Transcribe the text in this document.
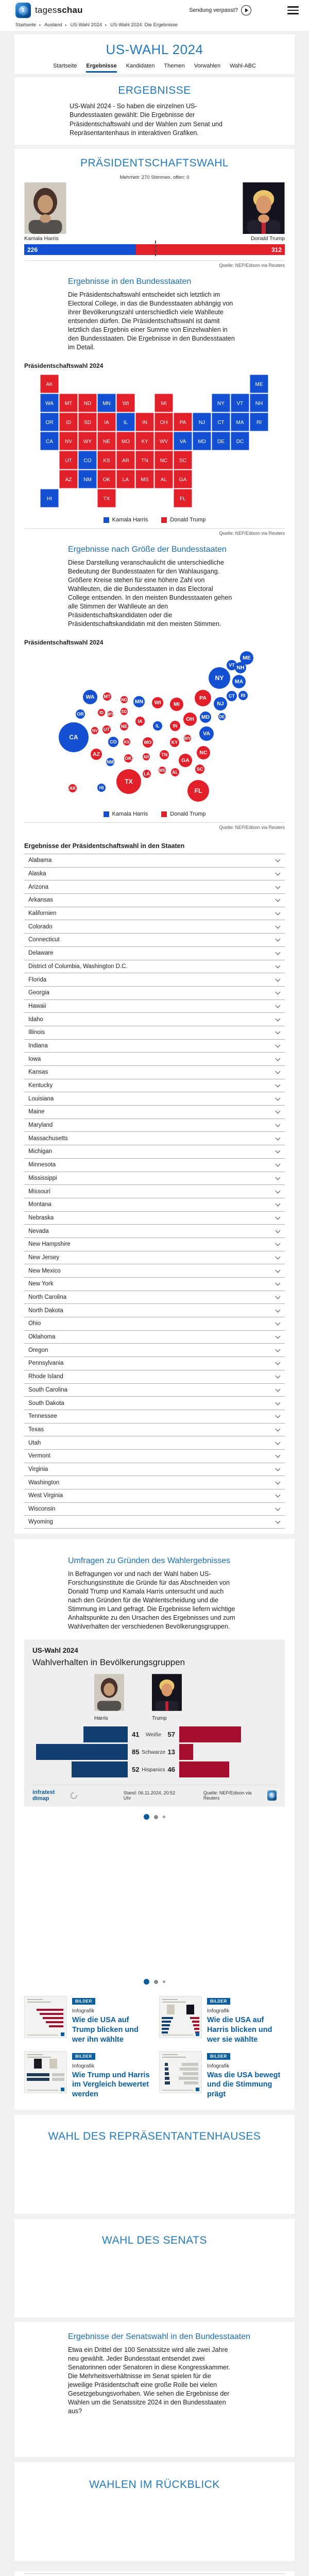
1	tagesschau	Sendung verpasst?
Startseite ▸ Ausland ▸ US-Wahl 2024 ▸ US-Wahl 2024: Die Ergebnisse
US-WAHL 2024
Startseite Ergebnisse Kandidaten Themen Vorwahlen Wahl-ABC
ERGEBNISSE

US-Wahl 2024 - So haben die einzelnen US-Bundesstaaten gewählt: Die Ergebnisse der Präsidentschaftswahl und der Wahlen zum Senat und Repräsentantenhaus in interaktiven Grafiken.

PRÄSIDENTSCHAFTSWAHL
Mehrheit: 270 Stimmen, offen: 0
Kamala Harris	Donald Trump
226	312
Quelle: NEP/Edison via Reuters
Ergebnisse in den Bundesstaaten

Die Präsidentschaftswahl entscheidet sich letztlich im Electoral College, in das die Bundesstaaten abhängig von ihrer Bevölkerungszahl unterschiedlich viele Wahlleute entsenden dürfen. Die Präsidentschaftswahl ist damit letztlich das Ergebnis einer Summe von Einzelwahlen in den Bundesstaaten. Die Ergebnisse in den Bundesstaaten im Detail.

Präsidentschaftswahl 2024
AK	ME
WA MT ND MN WI	MI	NY VT NH
OR ID	SD	IA	IL	IN OH PA NJ CT MA RI
CA NV WY NE MO KY WV VA MD DE DC
UT CO KS AR TN NC SC
AZ NM OK LA MS AL GA
HI	TX	FL
Kamala Harris	Donald Trump
Quelle: NEP/Edison via Reuters
Ergebnisse nach Größe der Bundesstaaten

Diese Darstellung veranschaulicht die unterschiedliche Bedeutung der Bundesstaaten für den Wahlausgang. Größere Kreise stehen für eine höhere Zahl von Wahlleuten, die die Bundesstaaten in das Electoral College entsenden. In den meisten Bundesstaaten gehen alle Stimmen der Wahlleute an den Präsidentschaftskandidaten oder die Präsidentschaftskandidatin mit den meisten Stimmen.

Präsidentschaftswahl 2024
ME
VT NH
NY	MA
WA	MT
ND MN	WI	MI
PA
NJ
CT	RI
OR	ID WY
SD
IA
IL	IN
OH	MD	DE
NV UT
NE
CA
CO	KS	MO	KY
WV
VA
AZ
NM
OK	AR	TN	NC
GA
SC
MS AL
LA
TX
FL
AK	HI
Kamala Harris	Donald Trump
Quelle: NEP/Edison via Reuters
Ergebnisse der Präsidentschaftswahl in den Staaten
Alabama
Alaska
Arizona
Arkansas
Kalifornien
Colorado
Connecticut
Delaware
District of Columbia, Washington D.C.
Florida
Georgia
Hawaii
Idaho
Illinois
Indiana
Iowa
Kansas
Kentucky
Louisiana
Maine
Maryland
Massachusetts
Michigan
Minnesota
Mississippi
Missouri
Montana
Nebraska
Nevada
New Hampshire
New Jersey
New Mexico
New York
North Carolina
North Dakota
Ohio
Oklahoma
Oregon
Pennsylvania
Rhode Island
South Carolina
South Dakota
Tennessee
Texas
Utah
Vermont
Virginia
Washington
West Virginia
Wisconsin
Wyoming
Umfragen zu Gründen des Wahlergebnisses

In Befragungen vor und nach der Wahl haben US-Forschungsinstitute die Gründe für das Abschneiden von Donald Trump und Kamala Harris untersucht und auch nach den Gründen für die Wahlentscheidung und die Stimmung im Land gefragt. Die Ergebnisse liefern wichtige Anhaltspunkte zu den Ursachen des Ergebnisses und zum Wahlverhalten der verschiedenen Bevölkerungsgruppen.

US-Wahl 2024
Wahlverhalten in Bevölkerungsgruppen
Harris	Trump
41 Weiße 57
85 Schwarze 13
52 Hispanics 46
infratest dimap
Stand: 06.11.2024, 20:52 Uhr
Quelle: NEP/Edison via Reuters	1
BILDER
Infografik
Wie die USA auf Trump blicken und wer ihn wählte
BILDER
Infografik
Wie die USA auf Harris blicken und wer sie wählte
BILDER
Infografik
Wie Trump und Harris im Vergleich bewertet werden
BILDER
Infografik
Was die USA bewegt und die Stimmung prägt
WAHL DES REPRÄSENTANTENHAUSES
WAHL DES SENATS
Ergebnisse der Senatswahl in den Bundesstaaten

Etwa ein Drittel der 100 Senatssitze wird alle zwei Jahre neu gewählt. Jeder Bundesstaat entsendet zwei Senatorinnen oder Senatoren in diese Kongresskammer. Die Mehrheitsverhältnisse im Senat spielen für die jeweilige Präsidentschaft eine große Rolle bei vielen Gesetzgebungsvorhaben. Wie sehen die Ergebnisse der Wahlen um die Senatssitze 2024 in den Bundesstaaten aus?

WAHLEN IM RÜCKBLICK
